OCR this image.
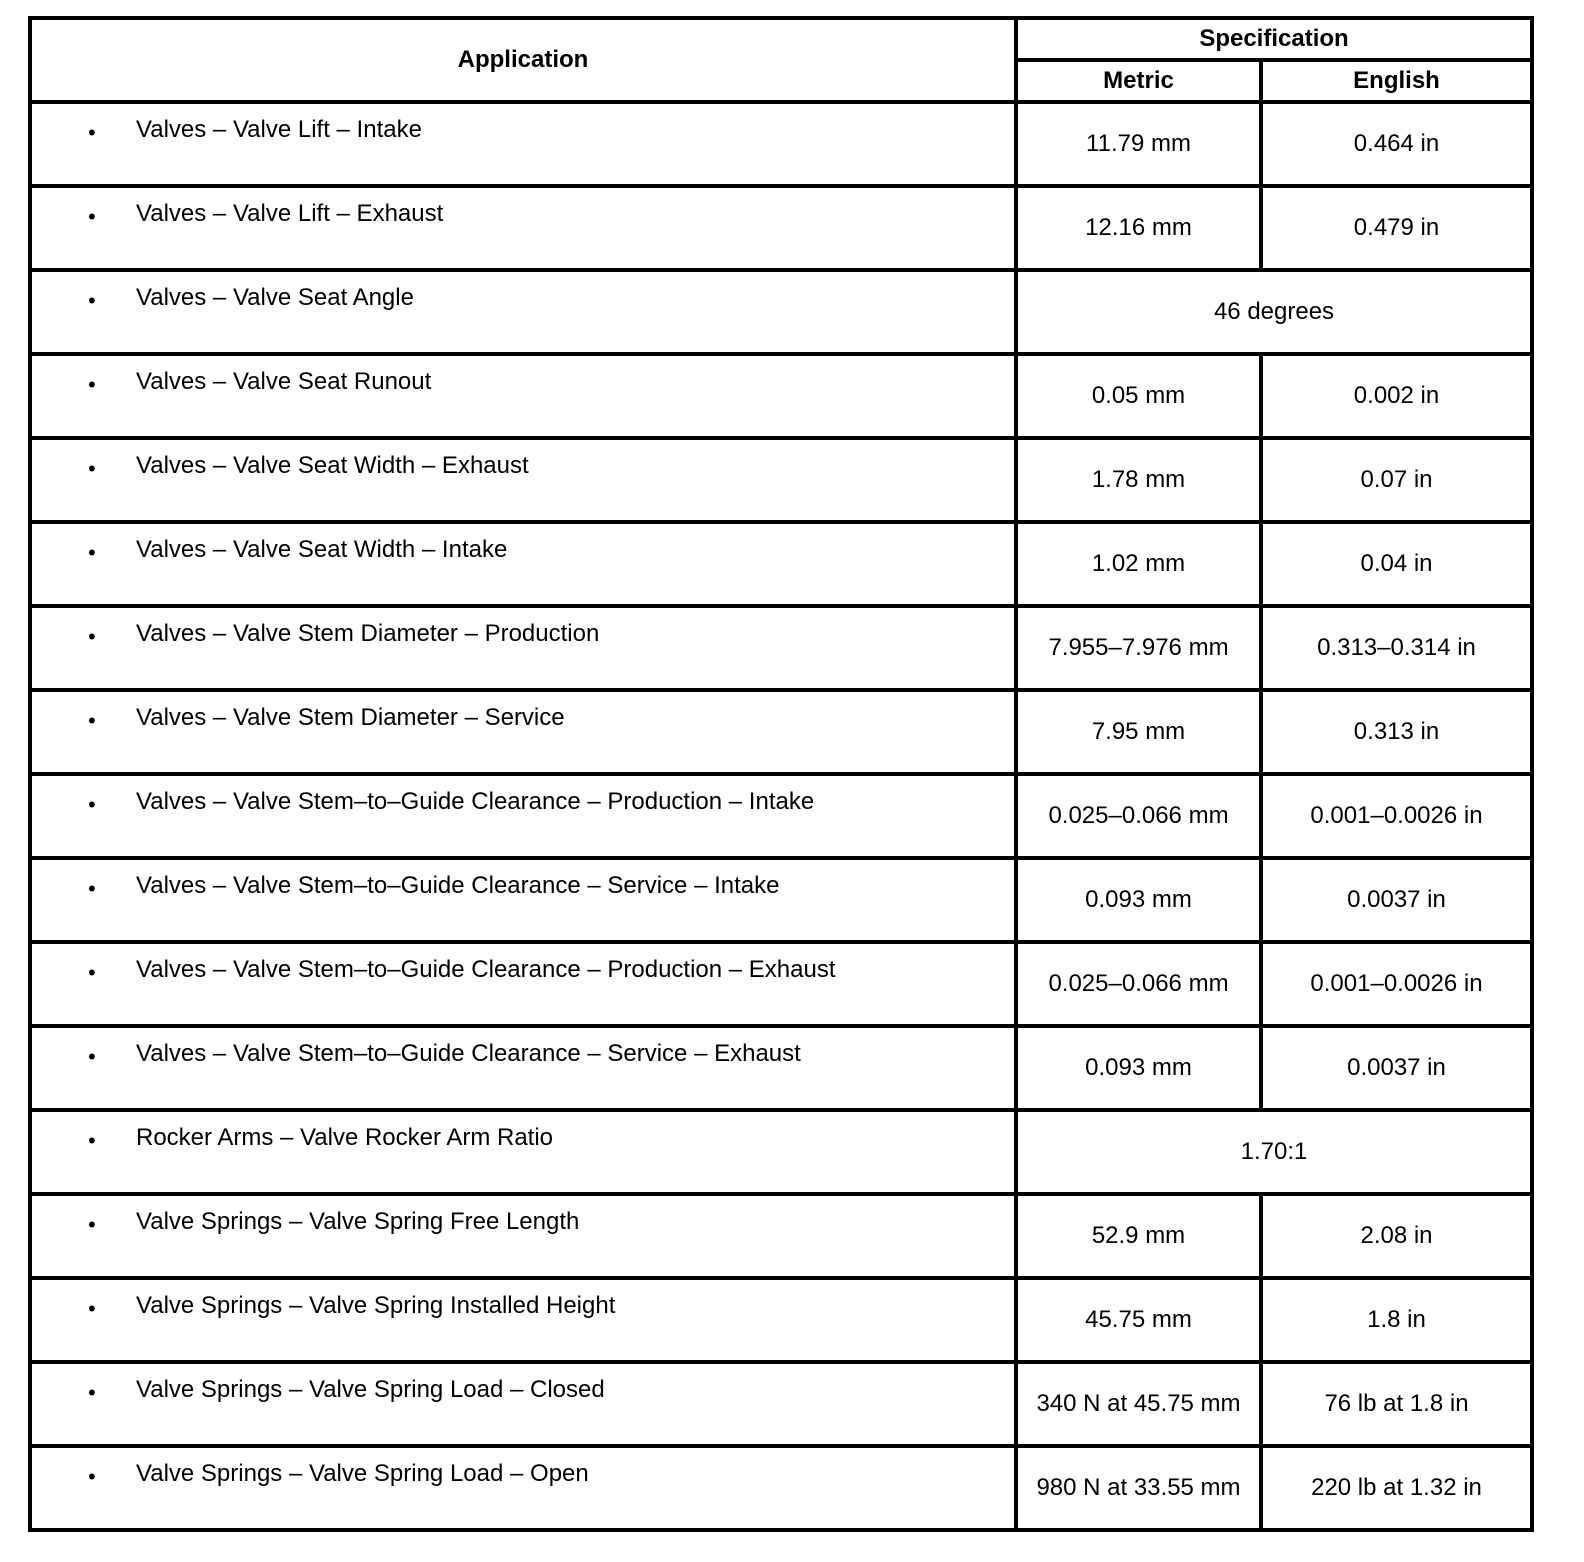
Application	Specification	
	Metric	English

• Valves – Valve Lift – Intake	11.79 mm	0.464 in

• Valves – Valve Lift – Exhaust	12.16 mm	0.479 in

• Valves – Valve Seat Angle	46 degrees	

• Valves – Valve Seat Runout	0.05 mm	0.002 in

• Valves – Valve Seat Width – Exhaust	1.78 mm	0.07 in

• Valves – Valve Seat Width – Intake	1.02 mm	0.04 in

• Valves – Valve Stem Diameter – Production	7.955–7.976 mm	0.313–0.314 in

• Valves – Valve Stem Diameter – Service	7.95 mm	0.313 in

• Valves – Valve Stem–to–Guide Clearance – Production – Intake	0.025–0.066 mm	0.001–0.0026 in

• Valves – Valve Stem–to–Guide Clearance – Service – Intake	0.093 mm	0.0037 in

• Valves – Valve Stem–to–Guide Clearance – Production – Exhaust	0.025–0.066 mm	0.001–0.0026 in

• Valves – Valve Stem–to–Guide Clearance – Service – Exhaust	0.093 mm	0.0037 in

• Rocker Arms – Valve Rocker Arm Ratio	1.70:1	

• Valve Springs – Valve Spring Free Length	52.9 mm	2.08 in

• Valve Springs – Valve Spring Installed Height	45.75 mm	1.8 in

• Valve Springs – Valve Spring Load – Closed	340 N at 45.75 mm	76 lb at 1.8 in

• Valve Springs – Valve Spring Load – Open	980 N at 33.55 mm	220 lb at 1.32 in
